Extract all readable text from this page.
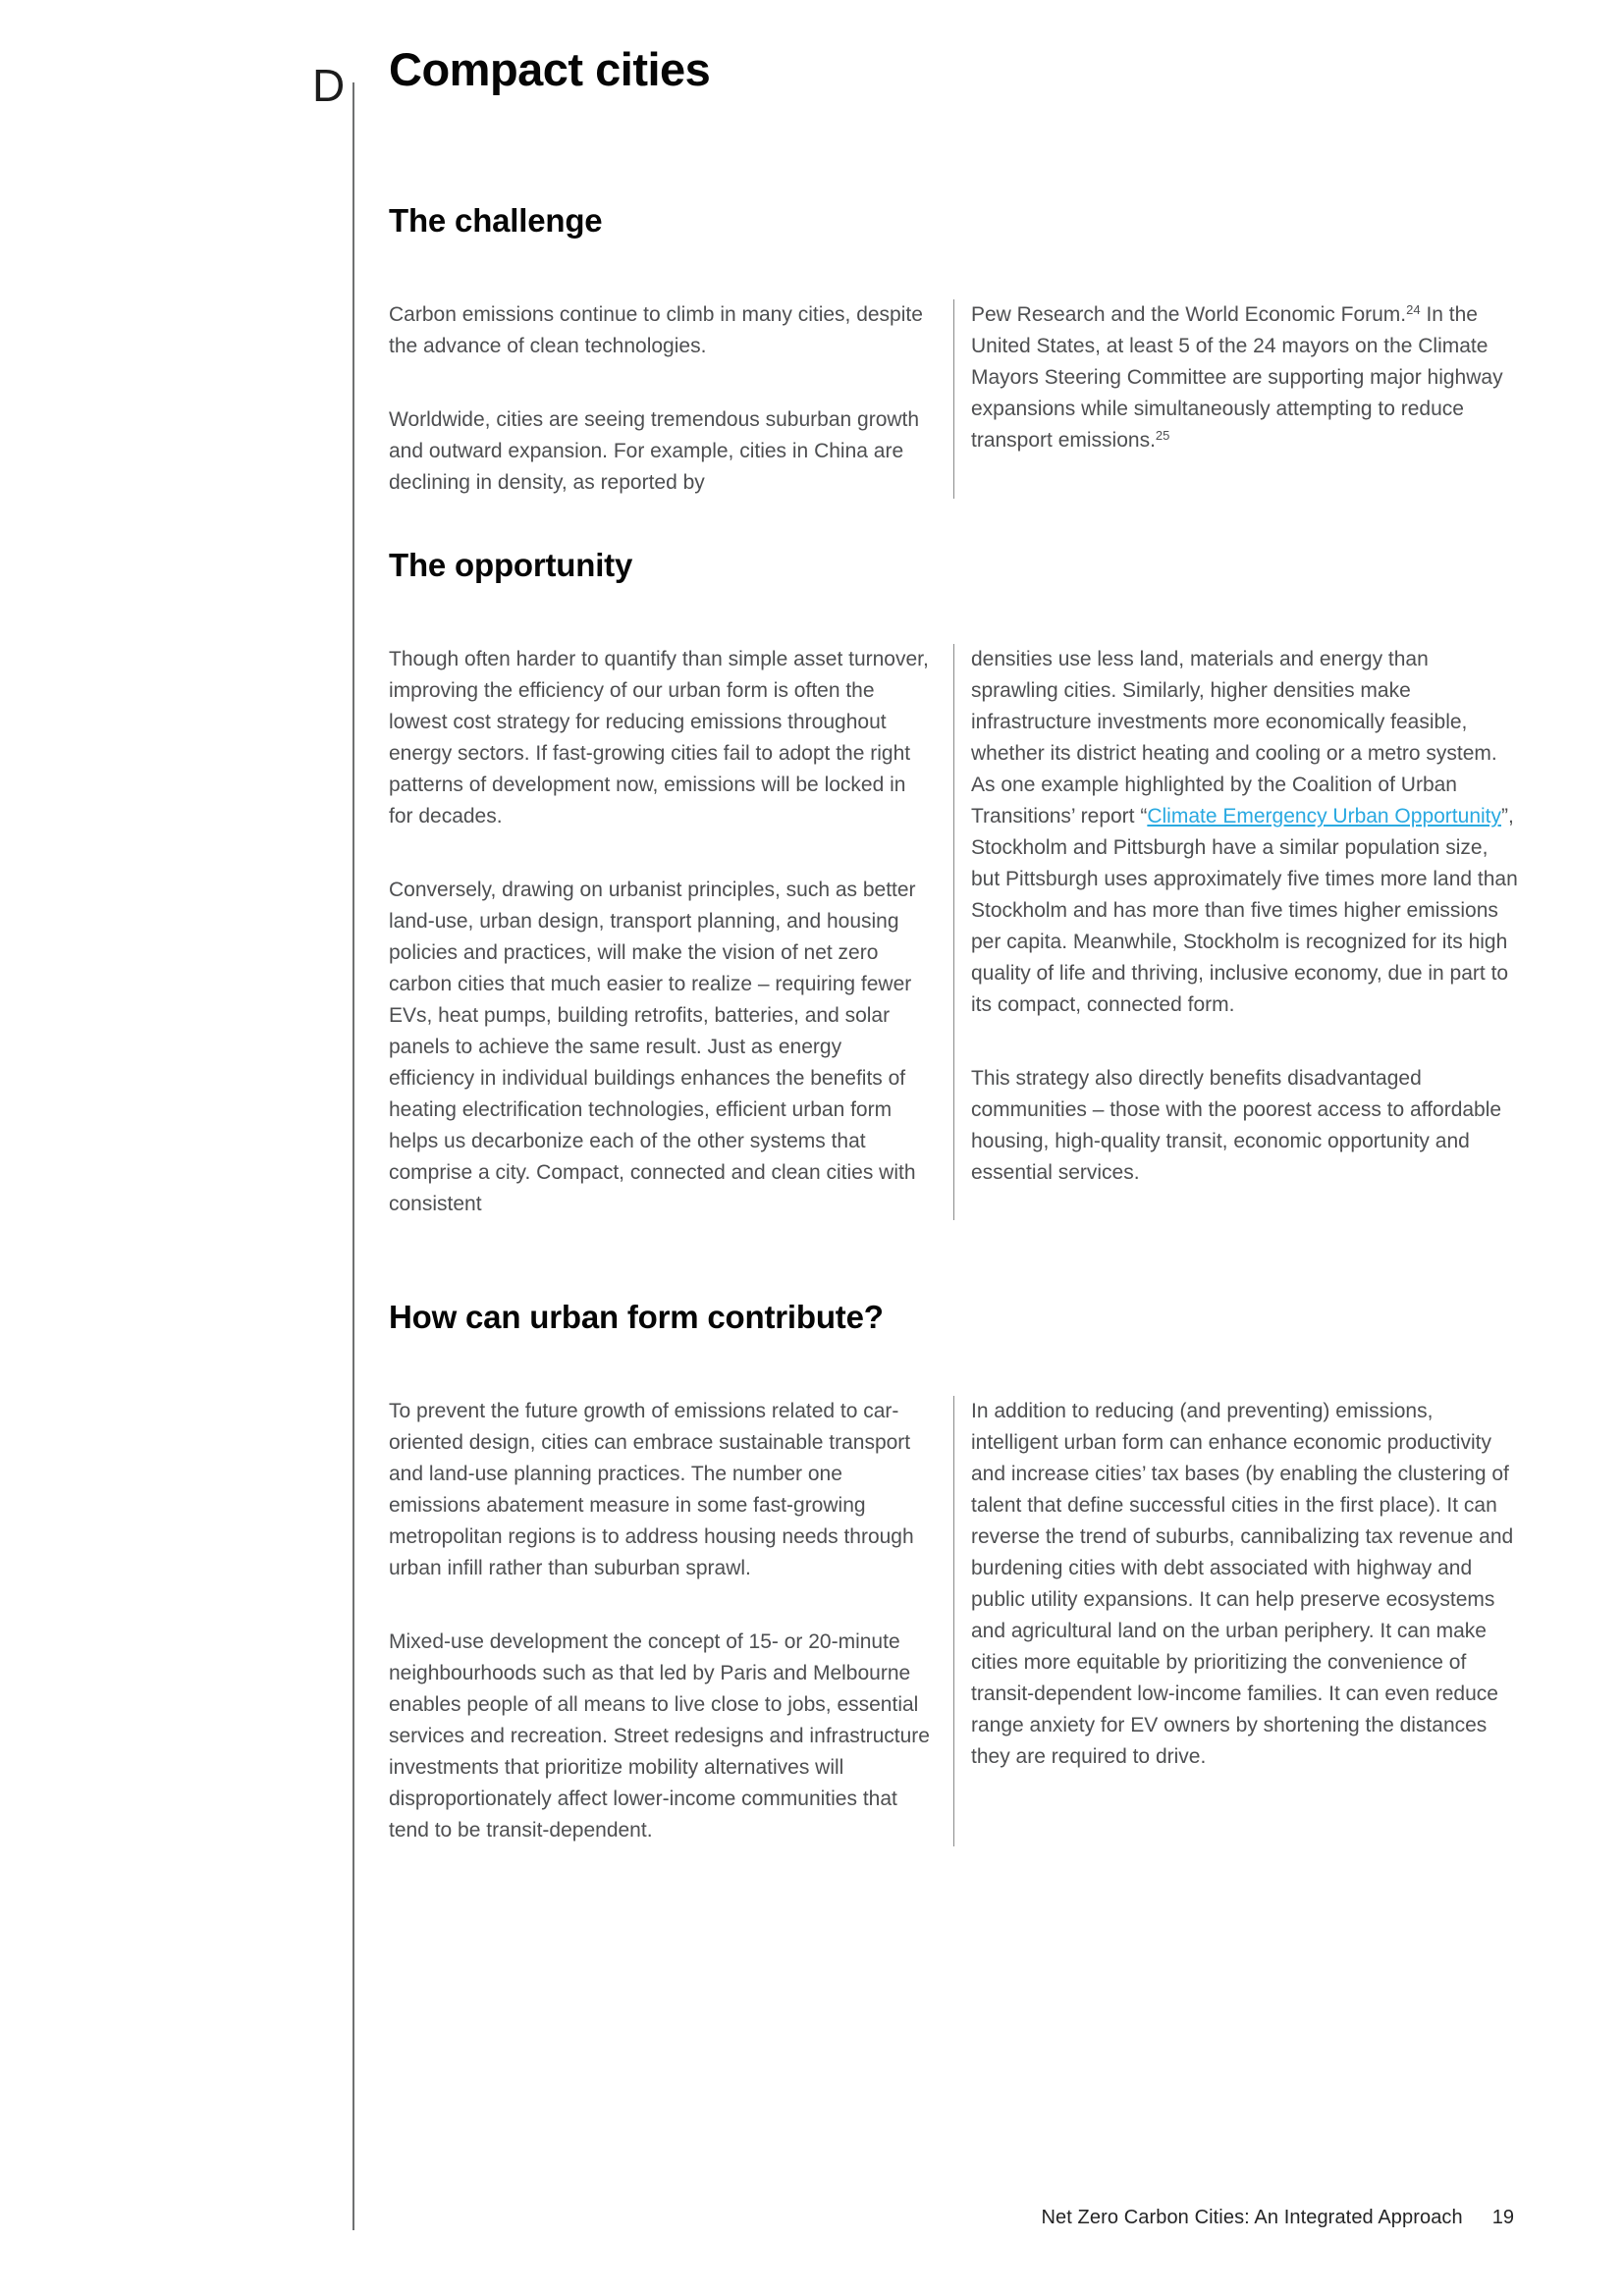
D Compact cities
The challenge

Carbon emissions continue to climb in many cities, despite the advance of clean technologies.

Worldwide, cities are seeing tremendous suburban growth and outward expansion. For example, cities in China are declining in density, as reported by

Pew Research and the World Economic Forum.$^{24}$ In the United States, at least 5 of the 24 mayors on the Climate Mayors Steering Committee are supporting major highway expansions while simultaneously attempting to reduce transport emissions.$^{25}$

The opportunity

Though often harder to quantify than simple asset turnover, improving the efficiency of our urban form is often the lowest cost strategy for reducing emissions throughout energy sectors. If fast-growing cities fail to adopt the right patterns of development now, emissions will be locked in for decades.

Conversely, drawing on urbanist principles, such as better land-use, urban design, transport planning, and housing policies and practices, will make the vision of net zero carbon cities that much easier to realize – requiring fewer EVs, heat pumps, building retrofits, batteries, and solar panels to achieve the same result. Just as energy efficiency in individual buildings enhances the benefits of heating electrification technologies, efficient urban form helps us decarbonize each of the other systems that comprise a city. Compact, connected and clean cities with consistent

densities use less land, materials and energy than sprawling cities. Similarly, higher densities make infrastructure investments more economically feasible, whether its district heating and cooling or a metro system. As one example highlighted by the Coalition of Urban Transitions’ report “Climate Emergency Urban Opportunity”, Stockholm and Pittsburgh have a similar population size, but Pittsburgh uses approximately five times more land than Stockholm and has more than five times higher emissions per capita. Meanwhile, Stockholm is recognized for its high quality of life and thriving, inclusive economy, due in part to its compact, connected form.

This strategy also directly benefits disadvantaged communities – those with the poorest access to affordable housing, high-quality transit, economic opportunity and essential services.

How can urban form contribute?

To prevent the future growth of emissions related to car-oriented design, cities can embrace sustainable transport and land-use planning practices. The number one emissions abatement measure in some fast-growing metropolitan regions is to address housing needs through urban infill rather than suburban sprawl.

Mixed-use development the concept of 15- or 20-minute neighbourhoods such as that led by Paris and Melbourne enables people of all means to live close to jobs, essential services and recreation. Street redesigns and infrastructure investments that prioritize mobility alternatives will disproportionately affect lower-income communities that tend to be transit-dependent.

In addition to reducing (and preventing) emissions, intelligent urban form can enhance economic productivity and increase cities’ tax bases (by enabling the clustering of talent that define successful cities in the first place). It can reverse the trend of suburbs, cannibalizing tax revenue and burdening cities with debt associated with highway and public utility expansions. It can help preserve ecosystems and agricultural land on the urban periphery. It can make cities more equitable by prioritizing the convenience of transit-dependent low-income families. It can even reduce range anxiety for EV owners by shortening the distances they are required to drive.

Net Zero Carbon Cities: An Integrated Approach 19
